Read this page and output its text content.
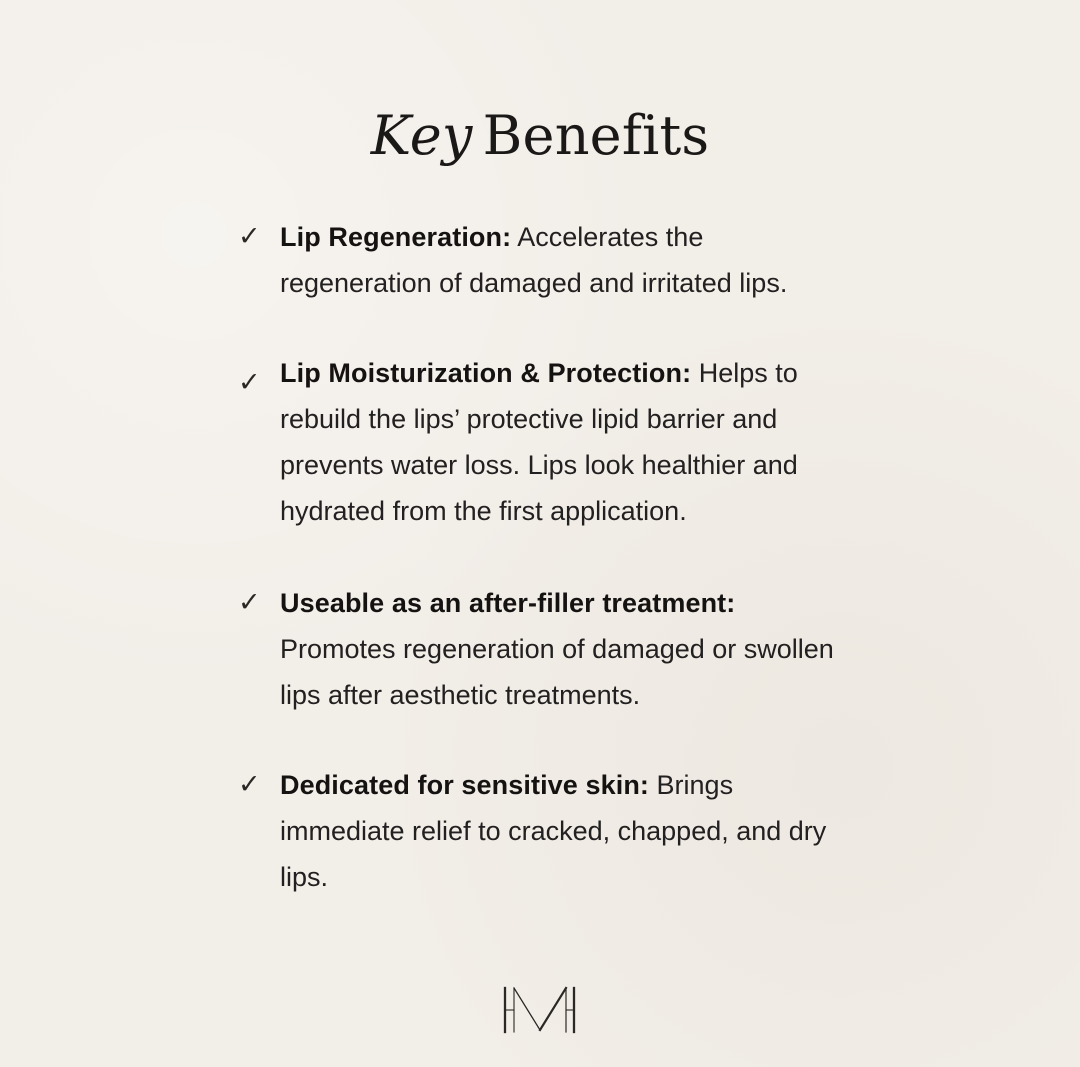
Key Benefits
✓ Lip Regeneration: Accelerates the regeneration of damaged and irritated lips.
✓ Lip Moisturization & Protection: Helps to rebuild the lips’ protective lipid barrier and prevents water loss. Lips look healthier and hydrated from the first application.
✓ Useable as an after-filler treatment: Promotes regeneration of damaged or swollen lips after aesthetic treatments.
✓ Dedicated for sensitive skin: Brings immediate relief to cracked, chapped, and dry lips.
